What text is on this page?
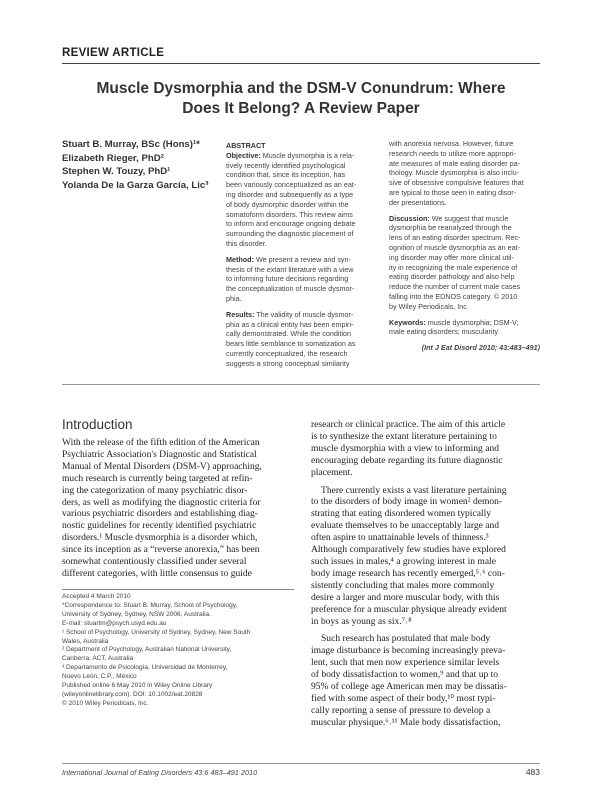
REVIEW ARTICLE
Muscle Dysmorphia and the DSM-V Conundrum: Where
Does It Belong? A Review Paper
Stuart B. Murray, BSc (Hons)¹*
Elizabeth Rieger, PhD²
Stephen W. Touzy, PhD¹
Yolanda De la Garza García, Lic³
ABSTRACT
Objective: Muscle dysmorphia is a rela-
tively recently identified psychological
condition that, since its inception, has
been variously conceptualized as an eat-
ing disorder and subsequently as a type
of body dysmorphic disorder within the
somatoform disorders. This review aims
to inform and encourage ongoing debate
surrounding the diagnostic placement of
this disorder.
Method: We present a review and syn-
thesis of the extant literature with a view
to informing future decisions regarding
the conceptualization of muscle dysmor-
phia.
Results: The validity of muscle dysmor-
phia as a clinical entity has been empiri-
cally demonstrated. While the condition
bears little semblance to somatization as
currently conceptualized, the research
suggests a strong conceptual similarity
with anorexia nervosa. However, future
research needs to utilize more appropri-
ate measures of male eating disorder pa-
thology. Muscle dysmorphia is also inclu-
sive of obsessive compulsive features that
are typical to those seen in eating disor-
der presentations.
Discussion: We suggest that muscle
dysmorphia be reanalyzed through the
lens of an eating disorder spectrum. Rec-
ognition of muscle dysmorphia as an eat-
ing disorder may offer more clinical util-
ity in recognizing the male experience of
eating disorder pathology and also help
reduce the number of current male cases
falling into the EDNOS category. © 2010
by Wiley Periodicals, Inc.
Keywords: muscle dysmorphia; DSM-V;
male eating disorders; muscularity
(Int J Eat Disord 2010; 43:483–491)
Introduction
With the release of the fifth edition of the American
Psychiatric Association's Diagnostic and Statistical
Manual of Mental Disorders (DSM-V) approaching,
much research is currently being targeted at refin-
ing the categorization of many psychiatric disor-
ders, as well as modifying the diagnostic criteria for
various psychiatric disorders and establishing diag-
nostic guidelines for recently identified psychiatric
disorders.¹ Muscle dysmorphia is a disorder which,
since its inception as a “reverse anorexia,” has been
somewhat contentiously classified under several
different categories, with little consensus to guide
research or clinical practice. The aim of this article
is to synthesize the extant literature pertaining to
muscle dysmorphia with a view to informing and
encouraging debate regarding its future diagnostic
placement.
There currently exists a vast literature pertaining
to the disorders of body image in women² demon-
strating that eating disordered women typically
evaluate themselves to be unacceptably large and
often aspire to unattainable levels of thinness.³
Although comparatively few studies have explored
such issues in males,⁴ a growing interest in male
body image research has recently emerged,⁵˒⁶ con-
sistently concluding that males more commonly
desire a larger and more muscular body, with this
preference for a muscular physique already evident
in boys as young as six.⁷˒⁸
Such research has postulated that male body
image disturbance is becoming increasingly preva-
lent, such that men now experience similar levels
of body dissatisfaction to women,⁹ and that up to
95% of college age American men may be dissatis-
fied with some aspect of their body,¹⁰ most typi-
cally reporting a sense of pressure to develop a
muscular physique.⁶˒¹¹ Male body dissatisfaction,
Accepted 4 March 2010
*Correspondence to: Stuart B. Murray, School of Psychology,
University of Sydney, Sydney, NSW 2006, Australia.
E-mail: stuartm@psych.usyd.edu.au
¹ School of Psychology, University of Sydney, Sydney, New South
Wales, Australia
² Department of Psychology, Australian National University,
Canberra, ACT, Australia
³ Departamento de Psicología, Universidad de Monterrey,
Nuevo León, C.P., México
Published online 6 May 2010 in Wiley Online Library
(wileyonlinelibrary.com). DOI: 10.1002/eat.20828
© 2010 Wiley Periodicals, Inc.
International Journal of Eating Disorders 43:6 483–491 2010	483
